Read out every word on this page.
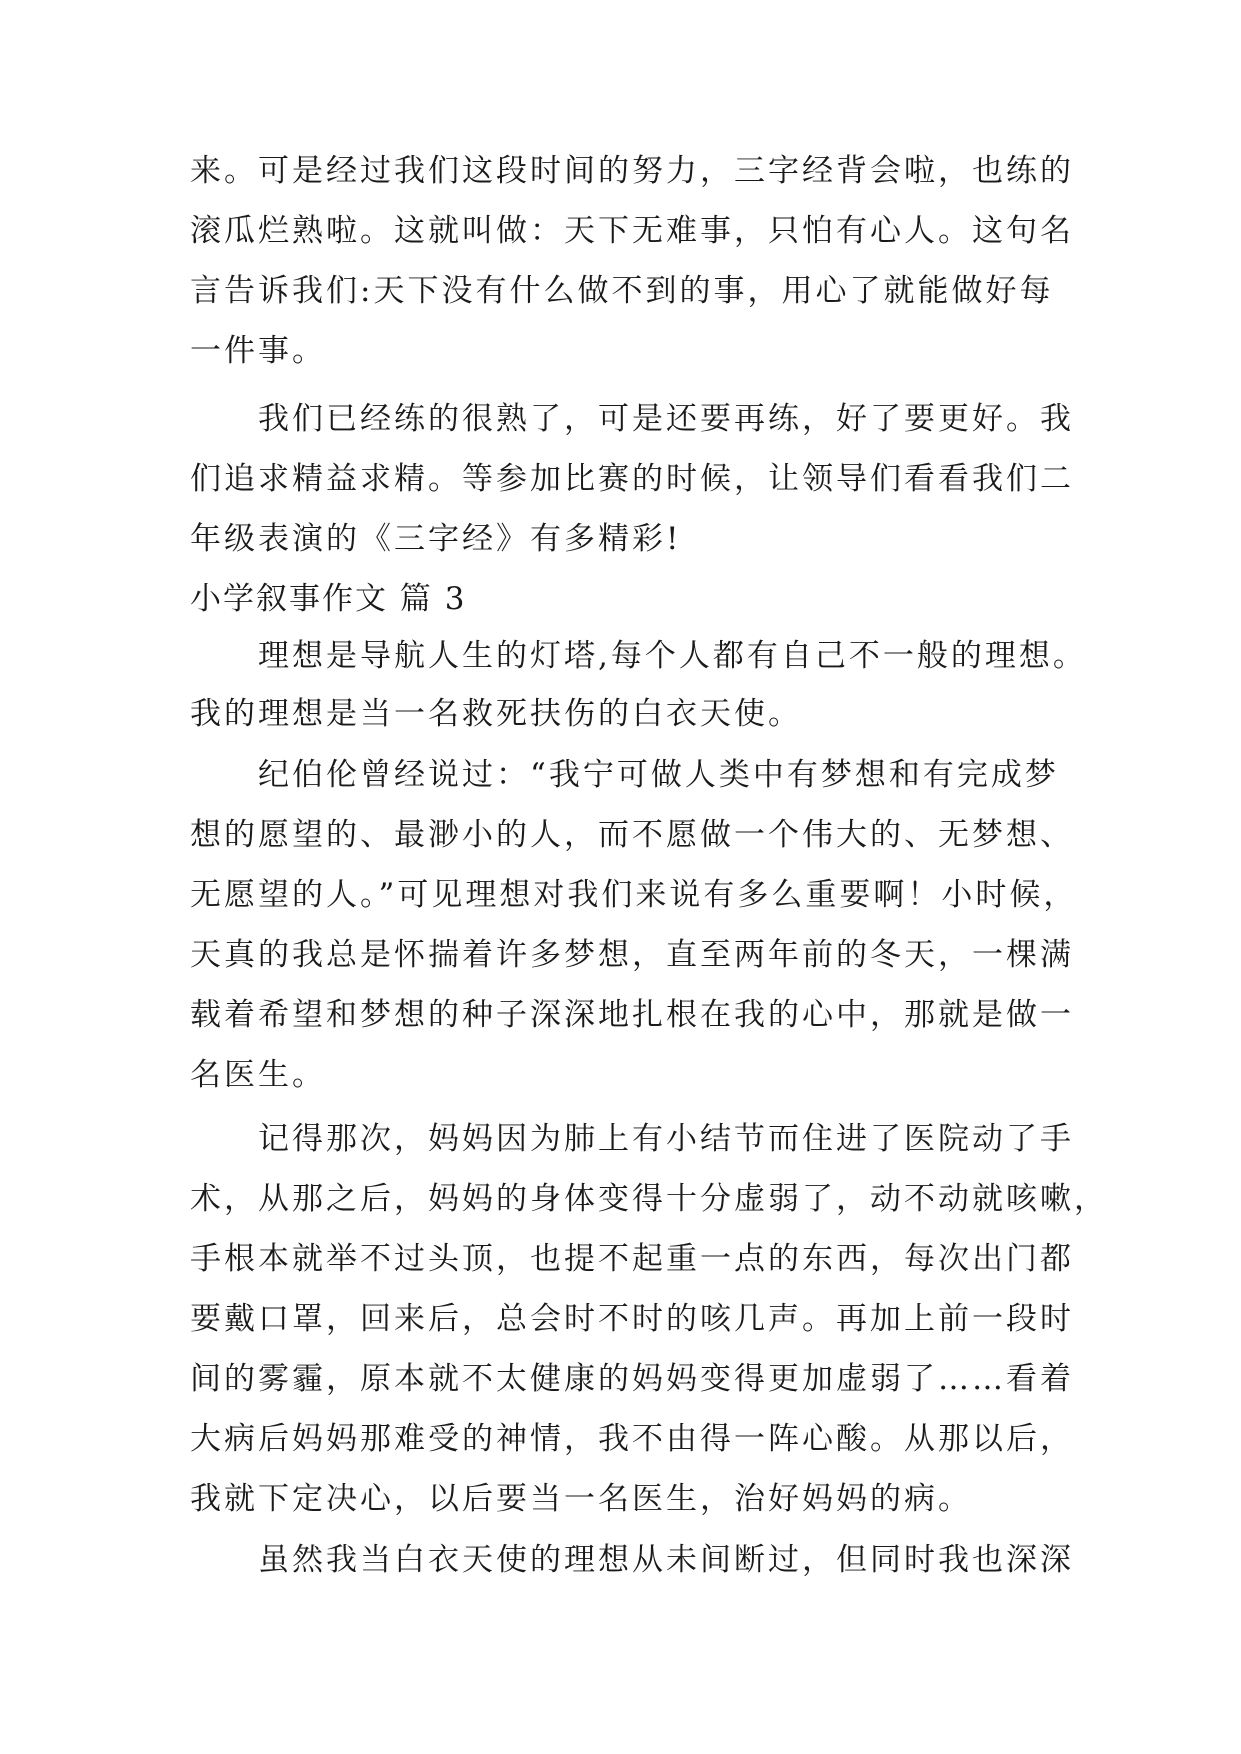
来。可是经过我们这段时间的努力，三字经背会啦，也练的
滚瓜烂熟啦。这就叫做：天下无难事，只怕有心人。这句名
言告诉我们:天下没有什么做不到的事，用心了就能做好每
一件事。
我们已经练的很熟了，可是还要再练，好了要更好。我
们追求精益求精。等参加比赛的时候，让领导们看看我们二
年级表演的《三字经》有多精彩!
小学叙事作文 篇 3
理想是导航人生的灯塔,每个人都有自己不一般的理想。
我的理想是当一名救死扶伤的白衣天使。
纪伯伦曾经说过：“我宁可做人类中有梦想和有完成梦
想的愿望的、最渺小的人，而不愿做一个伟大的、无梦想、
无愿望的人。”可见理想对我们来说有多么重要啊！小时候，
天真的我总是怀揣着许多梦想，直至两年前的冬天，一棵满
载着希望和梦想的种子深深地扎根在我的心中，那就是做一
名医生。
记得那次，妈妈因为肺上有小结节而住进了医院动了手
术，从那之后，妈妈的身体变得十分虚弱了，动不动就咳嗽，
手根本就举不过头顶，也提不起重一点的东西，每次出门都
要戴口罩，回来后，总会时不时的咳几声。再加上前一段时
间的雾霾，原本就不太健康的妈妈变得更加虚弱了……看着
大病后妈妈那难受的神情，我不由得一阵心酸。从那以后，
我就下定决心，以后要当一名医生，治好妈妈的病。
虽然我当白衣天使的理想从未间断过，但同时我也深深
